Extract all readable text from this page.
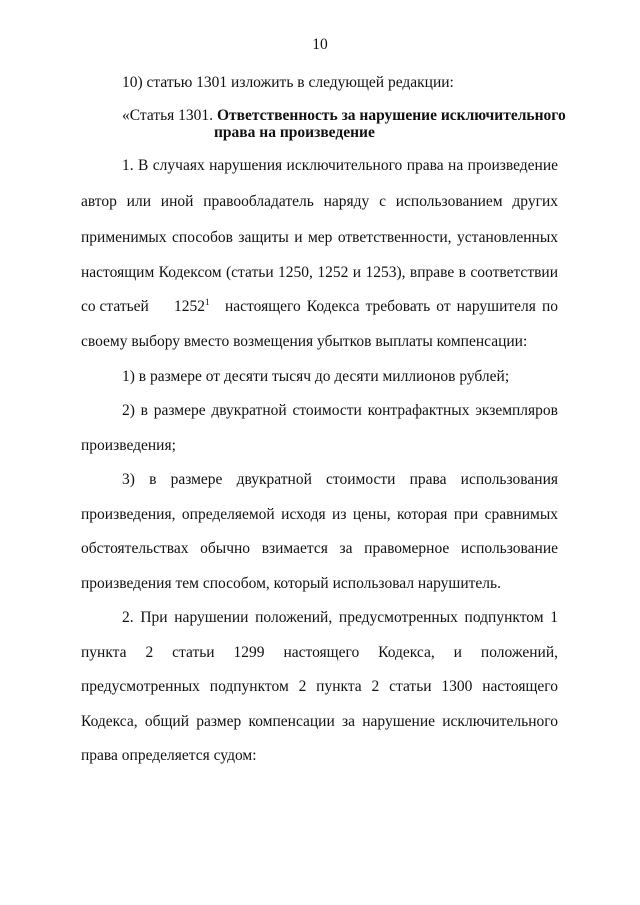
10
10) статью 1301 изложить в следующей редакции:
«Статья 1301. Ответственность за нарушение исключительного
права на произведение
1. В случаях нарушения исключительного права на произведение
автор или иной правообладатель наряду с использованием других
применимых способов защиты и мер ответственности, установленных
настоящим Кодексом (статьи 1250, 1252 и 1253), вправе в соответствии
со статьей 1252$^1$ настоящего Кодекса требовать от нарушителя по
своему выбору вместо возмещения убытков выплаты компенсации:
1) в размере от десяти тысяч до десяти миллионов рублей;
2) в размере двукратной стоимости контрафактных экземпляров
произведения;
3) в размере двукратной стоимости права использования
произведения, определяемой исходя из цены, которая при сравнимых
обстоятельствах обычно взимается за правомерное использование
произведения тем способом, который использовал нарушитель.
2. При нарушении положений, предусмотренных подпунктом 1
пункта 2 статьи 1299 настоящего Кодекса, и положений,
предусмотренных подпунктом 2 пункта 2 статьи 1300 настоящего
Кодекса, общий размер компенсации за нарушение исключительного
права определяется судом:
